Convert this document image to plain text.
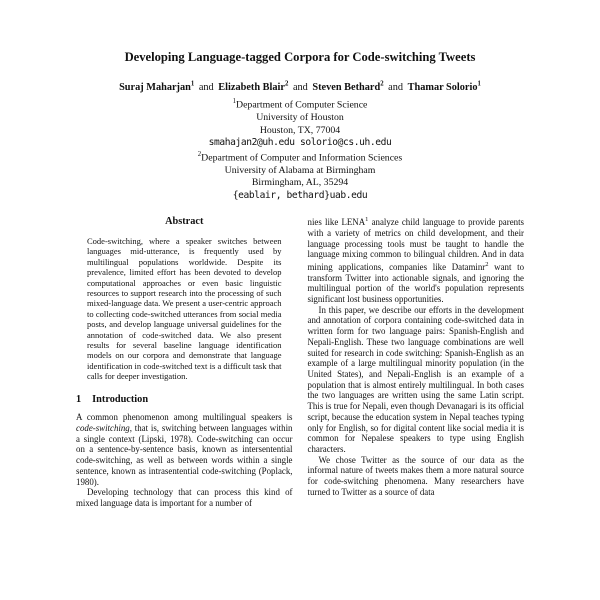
Developing Language-tagged Corpora for Code-switching Tweets
Suraj Maharjan$^1$ and Elizabeth Blair$^2$ and Steven Bethard$^2$ and Thamar Solorio$^1$
$^1$Department of Computer Science
University of Houston
Houston, TX, 77004
smahajan2@uh.edu solorio@cs.uh.edu
$^2$Department of Computer and Information Sciences
University of Alabama at Birmingham
Birmingham, AL, 35294
{eablair, bethard}uab.edu
Abstract

Code-switching, where a speaker switches between languages mid-utterance, is frequently used by multilingual populations worldwide. Despite its prevalence, limited effort has been devoted to develop computational approaches or even basic linguistic resources to support research into the processing of such mixed-language data. We present a user-centric approach to collecting code-switched utterances from social media posts, and develop language universal guidelines for the annotation of code-switched data. We also present results for several baseline language identification models on our corpora and demonstrate that language identification in code-switched text is a difficult task that calls for deeper investigation.

1 Introduction

A common phenomenon among multilingual speakers is code-switching, that is, switching between languages within a single context (Lipski, 1978). Code-switching can occur on a sentence-by-sentence basis, known as intersentential code-switching, as well as between words within a single sentence, known as intrasentential code-switching (Poplack, 1980).

Developing technology that can process this kind of mixed language data is important for a number of

nies like LENA$^1$ analyze child language to provide parents with a variety of metrics on child development, and their language processing tools must be taught to handle the language mixing common to bilingual children. And in data mining applications, companies like Dataminr$^2$ want to transform Twitter into actionable signals, and ignoring the multilingual portion of the world's population represents significant lost business opportunities.

In this paper, we describe our efforts in the development and annotation of corpora containing code-switched data in written form for two language pairs: Spanish-English and Nepali-English. These two language combinations are well suited for research in code switching: Spanish-English as an example of a large multilingual minority population (in the United States), and Nepali-English is an example of a population that is almost entirely multilingual. In both cases the two languages are written using the same Latin script. This is true for Nepali, even though Devanagari is its official script, because the education system in Nepal teaches typing only for English, so for digital content like social media it is common for Nepalese speakers to type using English characters.

We chose Twitter as the source of our data as the informal nature of tweets makes them a more natural source for code-switching phenomena. Many researchers have turned to Twitter as a source of data
